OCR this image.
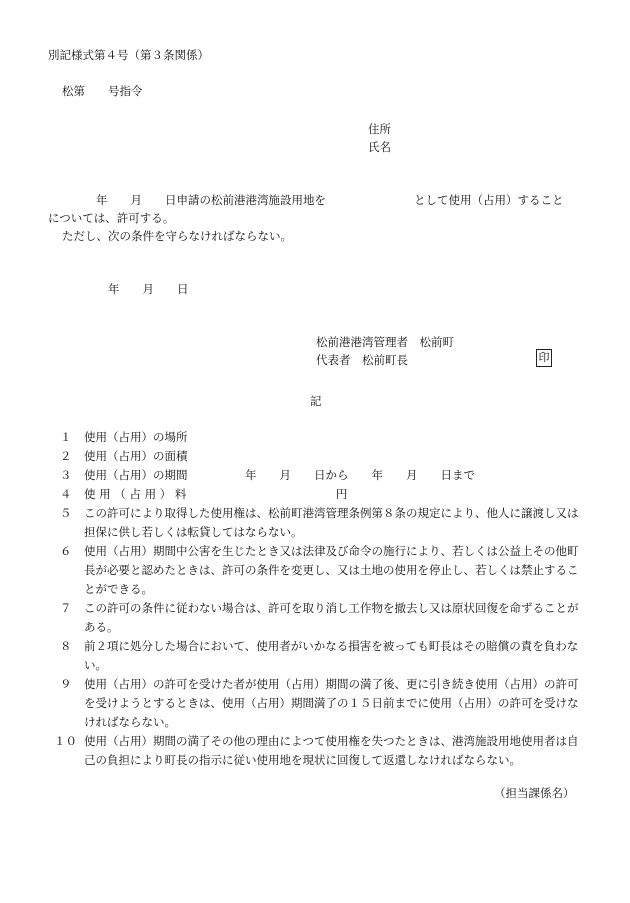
別記様式第４号（第３条関係）
松第　　号指令
住所
氏名
年　　月　　日申請の松前港港湾施設用地を	として使用（占用）すること
については、許可する。
ただし、次の条件を守らなければならない。
年　　月　　日
松前港港湾管理者　松前町
代表者　松前町長	印
記
１	使用（占用）の場所
２	使用（占用）の面積
３	使用（占用）の期間　　　　　年　　月　　日から　　年　　月　　日まで
４	使 用 （ 占 用 ） 料　　　　　　　　　　　　　円
５	この許可により取得した使用権は、松前町港湾管理条例第８条の規定により、他人に譲渡し又は担保に供し若しくは転貸してはならない。
６	使用（占用）期間中公害を生じたとき又は法律及び命令の施行により、若しくは公益上その他町長が必要と認めたときは、許可の条件を変更し、又は土地の使用を停止し、若しくは禁止することができる。
７	この許可の条件に従わない場合は、許可を取り消し工作物を撤去し又は原状回復を命ずることがある。
８	前２項に処分した場合において、使用者がいかなる損害を被っても町長はその賠償の責を負わない。
９	使用（占用）の許可を受けた者が使用（占用）期間の満了後、更に引き続き使用（占用）の許可を受けようとするときは、使用（占用）期間満了の１５日前までに使用（占用）の許可を受けなければならない。
１０ 使用（占用）期間の満了その他の理由によつて使用権を失つたときは、港湾施設用地使用者は自己の負担により町長の指示に従い使用地を現状に回復して返還しなければならない。
（担当課係名）
